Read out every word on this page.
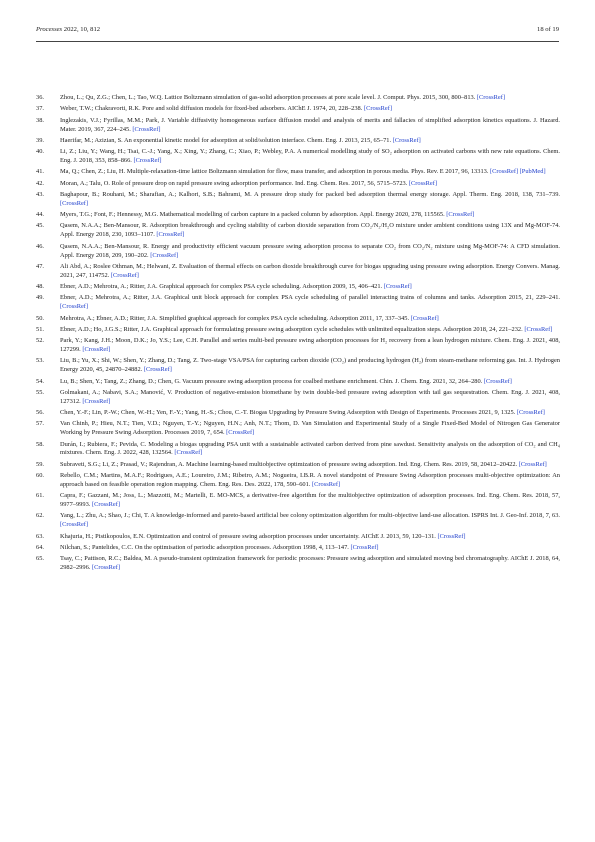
Processes 2022, 10, 812	18 of 19
36.	Zhou, L.; Qu, Z.G.; Chen, L.; Tao, W.Q. Lattice Boltzmann simulation of gas-solid adsorption processes at pore scale level. J. Comput. Phys. 2015, 300, 800–813. [CrossRef]
37.	Weber, T.W.; Chakravorti, R.K. Pore and solid diffusion models for fixed-bed adsorbers. AIChE J. 1974, 20, 228–238. [CrossRef]
38.	Inglezakis, V.J.; Fyrillas, M.M.; Park, J. Variable diffusivity homogeneous surface diffusion model and analysis of merits and fallacies of simplified adsorption kinetics equations. J. Hazard. Mater. 2019, 367, 224–245. [CrossRef]
39.	Haerifar, M.; Azizian, S. An exponential kinetic model for adsorption at solid/solution interface. Chem. Eng. J. 2013, 215, 65–71. [CrossRef]
40.	Li, Z.; Liu, Y.; Wang, H.; Tsai, C.-J.; Yang, X.; Xing, Y.; Zhang, C.; Xiao, P.; Webley, P.A. A numerical modelling study of SO₂ adsorption on activated carbons with new rate equations. Chem. Eng. J. 2018, 353, 858–866. [CrossRef]
41.	Ma, Q.; Chen, Z.; Liu, H. Multiple-relaxation-time lattice Boltzmann simulation for flow, mass transfer, and adsorption in porous media. Phys. Rev. E 2017, 96, 13313. [CrossRef] [PubMed]
42.	Moran, A.; Talu, O. Role of pressure drop on rapid pressure swing adsorption performance. Ind. Eng. Chem. Res. 2017, 56, 5715–5723. [CrossRef]
43.	Baghapour, B.; Rouhani, M.; Sharafian, A.; Kalhori, S.B.; Bahrami, M. A pressure drop study for packed bed adsorption thermal energy storage. Appl. Therm. Eng. 2018, 138, 731–739. [CrossRef]
44.	Myers, T.G.; Font, F.; Hennessy, M.G. Mathematical modelling of carbon capture in a packed column by adsorption. Appl. Energy 2020, 278, 115565. [CrossRef]
45.	Qasem, N.A.A.; Ben-Mansour, R. Adsorption breakthrough and cycling stability of carbon dioxide separation from CO₂/N₂/H₂O mixture under ambient conditions using 13X and Mg-MOF-74. Appl. Energy 2018, 230, 1093–1107. [CrossRef]
46.	Qasem, N.A.A.; Ben-Mansour, R. Energy and productivity efficient vacuum pressure swing adsorption process to separate CO₂ from CO₂/N₂ mixture using Mg-MOF-74: A CFD simulation. Appl. Energy 2018, 209, 190–202. [CrossRef]
47.	Ali Abd, A.; Roslee Othman, M.; Helwani, Z. Evaluation of thermal effects on carbon dioxide breakthrough curve for biogas upgrading using pressure swing adsorption. Energy Convers. Manag. 2021, 247, 114752. [CrossRef]
48.	Ebner, A.D.; Mehrotra, A.; Ritter, J.A. Graphical approach for complex PSA cycle scheduling. Adsorption 2009, 15, 406–421. [CrossRef]
49.	Ebner, A.D.; Mehrotra, A.; Ritter, J.A. Graphical unit block approach for complex PSA cycle scheduling of parallel interacting trains of columns and tanks. Adsorption 2015, 21, 229–241. [CrossRef]
50.	Mehrotra, A.; Ebner, A.D.; Ritter, J.A. Simplified graphical approach for complex PSA cycle scheduling. Adsorption 2011, 17, 337–345. [CrossRef]
51.	Ebner, A.D.; Ho, J.G.S.; Ritter, J.A. Graphical approach for formulating pressure swing adsorption cycle schedules with unlimited equalization steps. Adsorption 2018, 24, 221–232. [CrossRef]
52.	Park, Y.; Kang, J.H.; Moon, D.K.; Jo, Y.S.; Lee, C.H. Parallel and series multi-bed pressure swing adsorption processes for H₂ recovery from a lean hydrogen mixture. Chem. Eng. J. 2021, 408, 127299. [CrossRef]
53.	Liu, B.; Yu, X.; Shi, W.; Shen, Y.; Zhang, D.; Tang, Z. Two-stage VSA/PSA for capturing carbon dioxide (CO₂) and producing hydrogen (H₂) from steam-methane reforming gas. Int. J. Hydrogen Energy 2020, 45, 24870–24882. [CrossRef]
54.	Lu, B.; Shen, Y.; Tang, Z.; Zhang, D.; Chen, G. Vacuum pressure swing adsorption process for coalbed methane enrichment. Chin. J. Chem. Eng. 2021, 32, 264–280. [CrossRef]
55.	Golmakani, A.; Nabavi, S.A.; Manović, V. Production of negative-emission biomethane by twin double-bed pressure swing adsorption with tail gas sequestration. Chem. Eng. J. 2021, 408, 127312. [CrossRef]
56.	Chen, Y.-F.; Lin, P.-W.; Chen, W.-H.; Yen, F.-Y.; Yang, H.-S.; Chou, C.-T. Biogas Upgrading by Pressure Swing Adsorption with Design of Experiments. Processes 2021, 9, 1325. [CrossRef]
57.	Van Chinh, P.; Hieu, N.T.; Tien, V.D.; Nguyen, T.-Y.; Nguyen, H.N.; Anh, N.T.; Thom, D. Van Simulation and Experimental Study of a Single Fixed-Bed Model of Nitrogen Gas Generator Working by Pressure Swing Adsorption. Processes 2019, 7, 654. [CrossRef]
58.	Durán, I.; Rubiera, F.; Pevida, C. Modeling a biogas upgrading PSA unit with a sustainable activated carbon derived from pine sawdust. Sensitivity analysis on the adsorption of CO₂ and CH₄ mixtures. Chem. Eng. J. 2022, 428, 132564. [CrossRef]
59.	Subraveti, S.G.; Li, Z.; Prasad, V.; Rajendran, A. Machine learning-based multiobjective optimization of pressure swing adsorption. Ind. Eng. Chem. Res. 2019, 58, 20412–20422. [CrossRef]
60.	Rebello, C.M.; Martins, M.A.F.; Rodrigues, A.E.; Loureiro, J.M.; Ribeiro, A.M.; Nogueira, I.B.R. A novel standpoint of Pressure Swing Adsorption processes multi-objective optimization: An approach based on feasible operation region mapping. Chem. Eng. Res. Des. 2022, 178, 590–601. [CrossRef]
61.	Capra, F.; Gazzani, M.; Joss, L.; Mazzotti, M.; Martelli, E. MO-MCS, a derivative-free algorithm for the multiobjective optimization of adsorption processes. Ind. Eng. Chem. Res. 2018, 57, 9977–9993. [CrossRef]
62.	Yang, L.; Zhu, A.; Shao, J.; Chi, T. A knowledge-informed and pareto-based artificial bee colony optimization algorithm for multi-objective land-use allocation. ISPRS Int. J. Geo-Inf. 2018, 7, 63. [CrossRef]
63.	Khajuria, H.; Pistikopoulos, E.N. Optimization and control of pressure swing adsorption processes under uncertainty. AIChE J. 2013, 59, 120–131. [CrossRef]
64.	Nilchan, S.; Pantelides, C.C. On the optimisation of periodic adsorption processes. Adsorption 1998, 4, 113–147. [CrossRef]
65.	Tsay, C.; Pattison, R.C.; Baldea, M. A pseudo-transient optimization framework for periodic processes: Pressure swing adsorption and simulated moving bed chromatography. AIChE J. 2018, 64, 2982–2996. [CrossRef]
